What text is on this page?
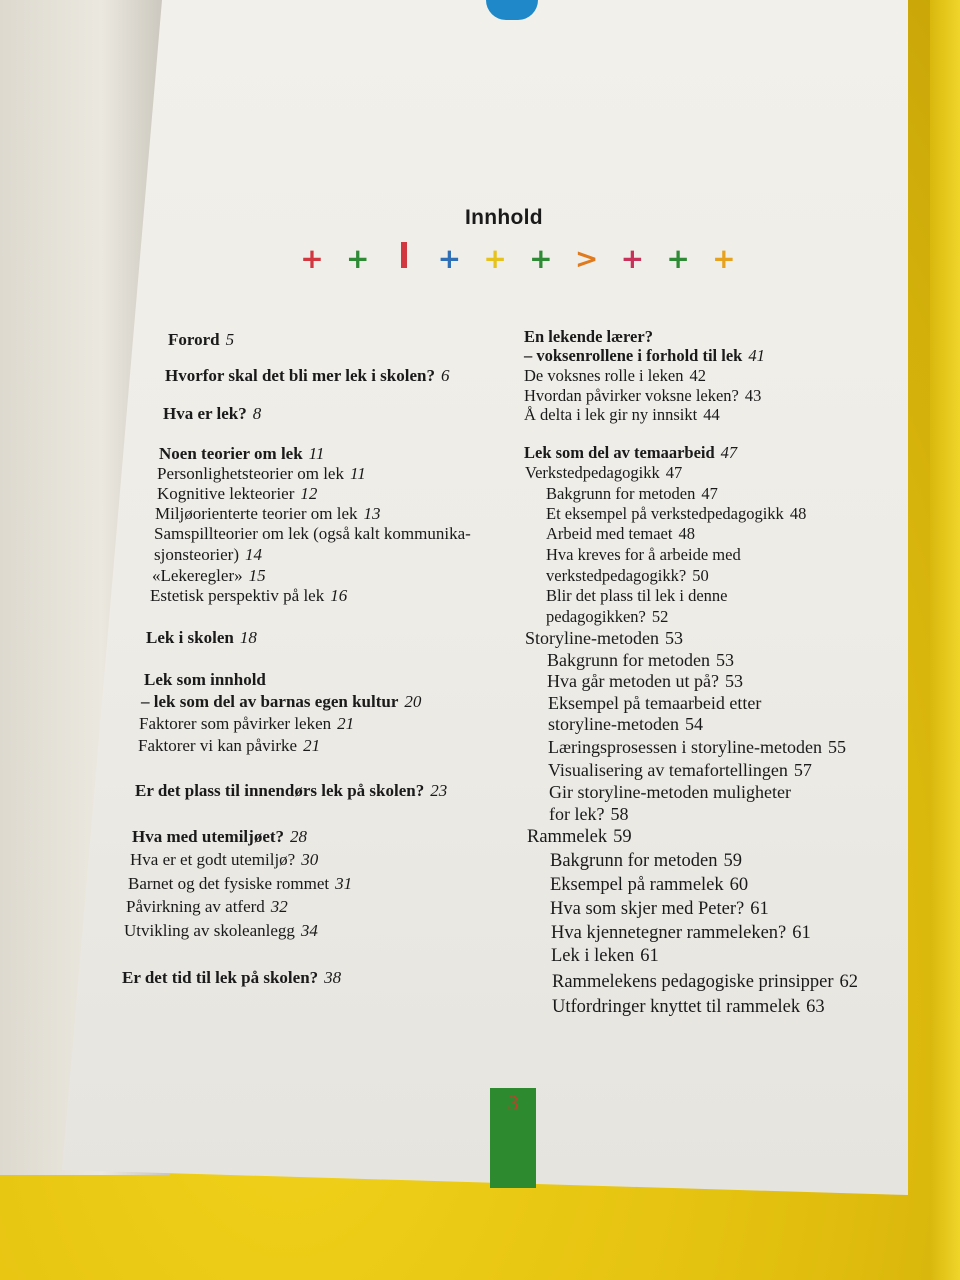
Innhold
+ + + + + > + + +
Forord 5
Hvorfor skal det bli mer lek i skolen? 6
Hva er lek? 8
Noen teorier om lek 11
Personlighetsteorier om lek 11
Kognitive lekteorier 12
Miljøorienterte teorier om lek 13
Samspillteorier om lek (også kalt kommunika-
sjonsteorier) 14
«Lekeregler» 15
Estetisk perspektiv på lek 16
Lek i skolen 18
Lek som innhold
– lek som del av barnas egen kultur 20
Faktorer som påvirker leken 21
Faktorer vi kan påvirke 21
Er det plass til innendørs lek på skolen? 23
Hva med utemiljøet? 28
Hva er et godt utemiljø? 30
Barnet og det fysiske rommet 31
Påvirkning av atferd 32
Utvikling av skoleanlegg 34
Er det tid til lek på skolen? 38
En lekende lærer?
– voksenrollene i forhold til lek 41
De voksnes rolle i leken 42
Hvordan påvirker voksne leken? 43
Å delta i lek gir ny innsikt 44
Lek som del av temaarbeid 47
Verkstedpedagogikk 47
Bakgrunn for metoden 47
Et eksempel på verkstedpedagogikk 48
Arbeid med temaet 48
Hva kreves for å arbeide med
verkstedpedagogikk? 50
Blir det plass til lek i denne
pedagogikken? 52
Storyline-metoden 53
Bakgrunn for metoden 53
Hva går metoden ut på? 53
Eksempel på temaarbeid etter
storyline-metoden 54
Læringsprosessen i storyline-metoden 55
Visualisering av temafortellingen 57
Gir storyline-metoden muligheter
for lek? 58
Rammelek 59
Bakgrunn for metoden 59
Eksempel på rammelek 60
Hva som skjer med Peter? 61
Hva kjennetegner rammeleken? 61
Lek i leken 61
Rammelekens pedagogiske prinsipper 62
Utfordringer knyttet til rammelek 63
3
